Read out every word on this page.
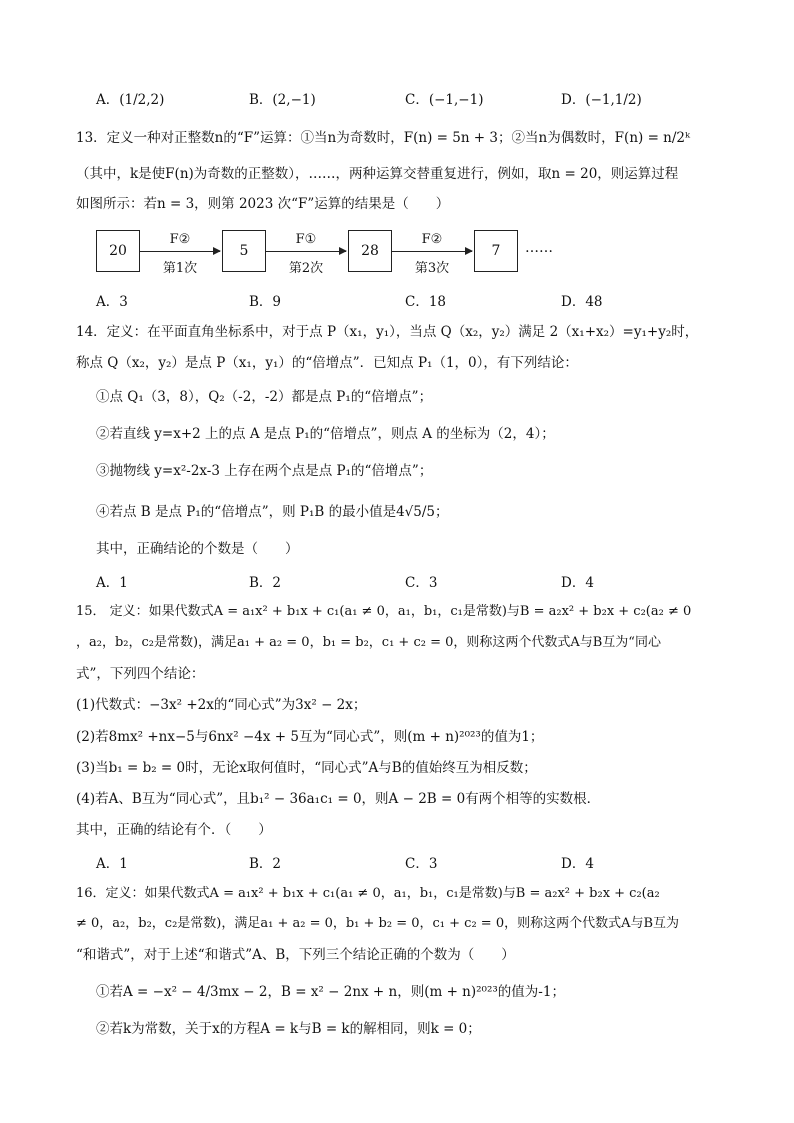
A．(1/2,2)	B．(2,−1)	C．(−1,−1)	D．(−1,1/2)
13．定义一种对正整数n的“F”运算：①当n为奇数时，F(n) = 5n + 3；②当n为偶数时，F(n) = n/2ᵏ
（其中，k是使F(n)为奇数的正整数），……，两种运算交替重复进行，例如，取n = 20，则运算过程
如图所示：若n = 3，则第 2023 次“F”运算的结果是（　　）
20
F②
第1次
5
F①
第2次
28
F②
第3次
7	……
A．3	B．9	C．18	D．48
14．定义：在平面直角坐标系中，对于点 P（x₁，y₁），当点 Q（x₂，y₂）满足 2（x₁+x₂）=y₁+y₂时，
称点 Q（x₂，y₂）是点 P（x₁，y₁）的“倍增点”．已知点 P₁（1，0），有下列结论：
①点 Q₁（3，8），Q₂（-2，-2）都是点 P₁的“倍增点”；
②若直线 y=x+2 上的点 A 是点 P₁的“倍增点”，则点 A 的坐标为（2，4）；
③抛物线 y=x²-2x-3 上存在两个点是点 P₁的“倍增点”；
④若点 B 是点 P₁的“倍增点”，则 P₁B 的最小值是4√5/5；
其中，正确结论的个数是（　　）
A．1	B．2	C．3	D．4
15． 定义：如果代数式A = a₁x² + b₁x + c₁(a₁ ≠ 0，a₁，b₁，c₁是常数)与B = a₂x² + b₂x + c₂(a₂ ≠ 0
，a₂，b₂，c₂是常数)，满足a₁ + a₂ = 0，b₁ = b₂，c₁ + c₂ = 0，则称这两个代数式A与B互为“同心
式”，下列四个结论：
(1)代数式：−3x² +2x的“同心式”为3x² − 2x；
(2)若8mx² +nx−5与6nx² −4x + 5互为“同心式”，则(m + n)²⁰²³的值为1；
(3)当b₁ = b₂ = 0时，无论x取何值时，“同心式”A与B的值始终互为相反数；
(4)若A、B互为“同心式”，且b₁² − 36a₁c₁ = 0，则A − 2B = 0有两个相等的实数根．
其中，正确的结论有个．（　　）
A．1	B．2	C．3	D．4
16．定义：如果代数式A = a₁x² + b₁x + c₁(a₁ ≠ 0，a₁，b₁，c₁是常数)与B = a₂x² + b₂x + c₂(a₂
≠ 0，a₂，b₂，c₂是常数)，满足a₁ + a₂ = 0，b₁ + b₂ = 0，c₁ + c₂ = 0，则称这两个代数式A与B互为
“和谐式”，对于上述“和谐式”A、B，下列三个结论正确的个数为（　　）
①若A = −x² − 4/3mx − 2，B = x² − 2nx + n，则(m + n)²⁰²³的值为-1；
②若k为常数，关于x的方程A = k与B = k的解相同，则k = 0；
